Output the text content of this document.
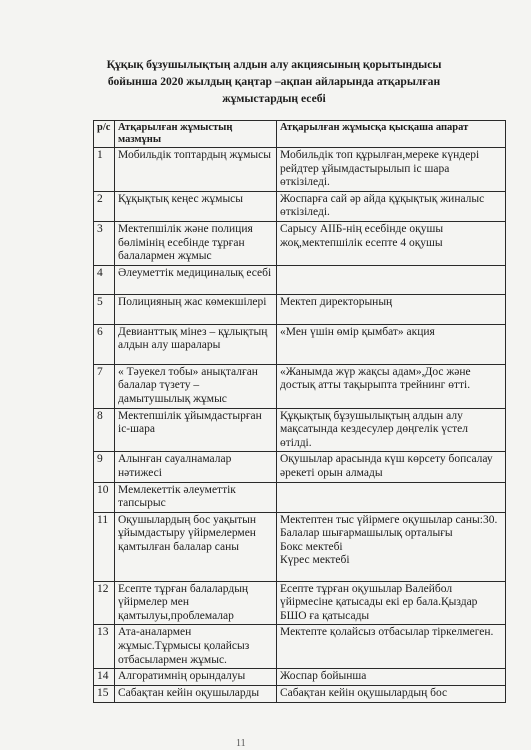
Құқық бұзушылықтың алдын алу акциясының қорытындысы
бойынша 2020 жылдың қаңтар –ақпан айларында атқарылған
жұмыстардың есебі
р/с	Атқарылған жұмыстың мазмұны	Атқарылған жұмысқа қысқаша апарат
1	Мобильдік топтардың жұмысы	Мобильдік топ құрылған,мереке күндері рейдтер ұйымдастырылып іс шара өткізіледі.
2	Құқықтық кеңес жұмысы	Жоспарға сай әр айда құқықтық жиналыс өткізіледі.
3	Мектепшілік және полиция бөлімінің есебінде тұрған балалармен жұмыс	Сарысу АІІБ-нің есебінде оқушы жоқ,мектепшілік есепте 4 оқушы
4	Әлеуметтік медициналық есебі	
5	Полицияның жас көмекшілері	Мектеп директорының
6	Девианттық мінез – құлықтың алдын алу шаралары	«Мен үшін өмір қымбат» акция
7	« Тәуекел тобы» анықталған балалар түзету – дамытушылық жұмыс	«Жанымда жүр жақсы адам»,Дос және достық атты тақырыпта трейнинг өтті.
8	Мектепшілік ұйымдастырған іс-шара	Құқықтық бұзушылықтың алдын алу мақсатында кездесулер дөңгелік үстел өтілді.
9	Алынған сауалнамалар нәтижесі	Оқушылар арасында күш көрсету бопсалау әрекеті орын алмады
10	Мемлекеттік әлеуметтік тапсырыс	
11	Оқушылардың бос уақытын ұйымдастыру үйірмелермен қамтылған балалар саны	Мектептен тыс үйірмеге оқушылар саны:30.
Балалар шығармашылық орталығы
Бокс мектебі
Күрес мектебі
12	Есепте тұрған балалардың үйірмелер мен қамтылуы,проблемалар	Есепте тұрған оқушылар Валейбол үйірмесіне қатысады екі ер бала.Қыздар БШО ға қатысады
13	Ата-аналармен жұмыс.Тұрмысы қолайсыз отбасылармен жұмыс.	Мектепте қолайсыз отбасылар тіркелмеген.
14	Алгоратимнің орындалуы	Жоспар бойынша
15	Сабақтан кейін оқушыларды	Сабақтан кейін оқушылардың бос
11
